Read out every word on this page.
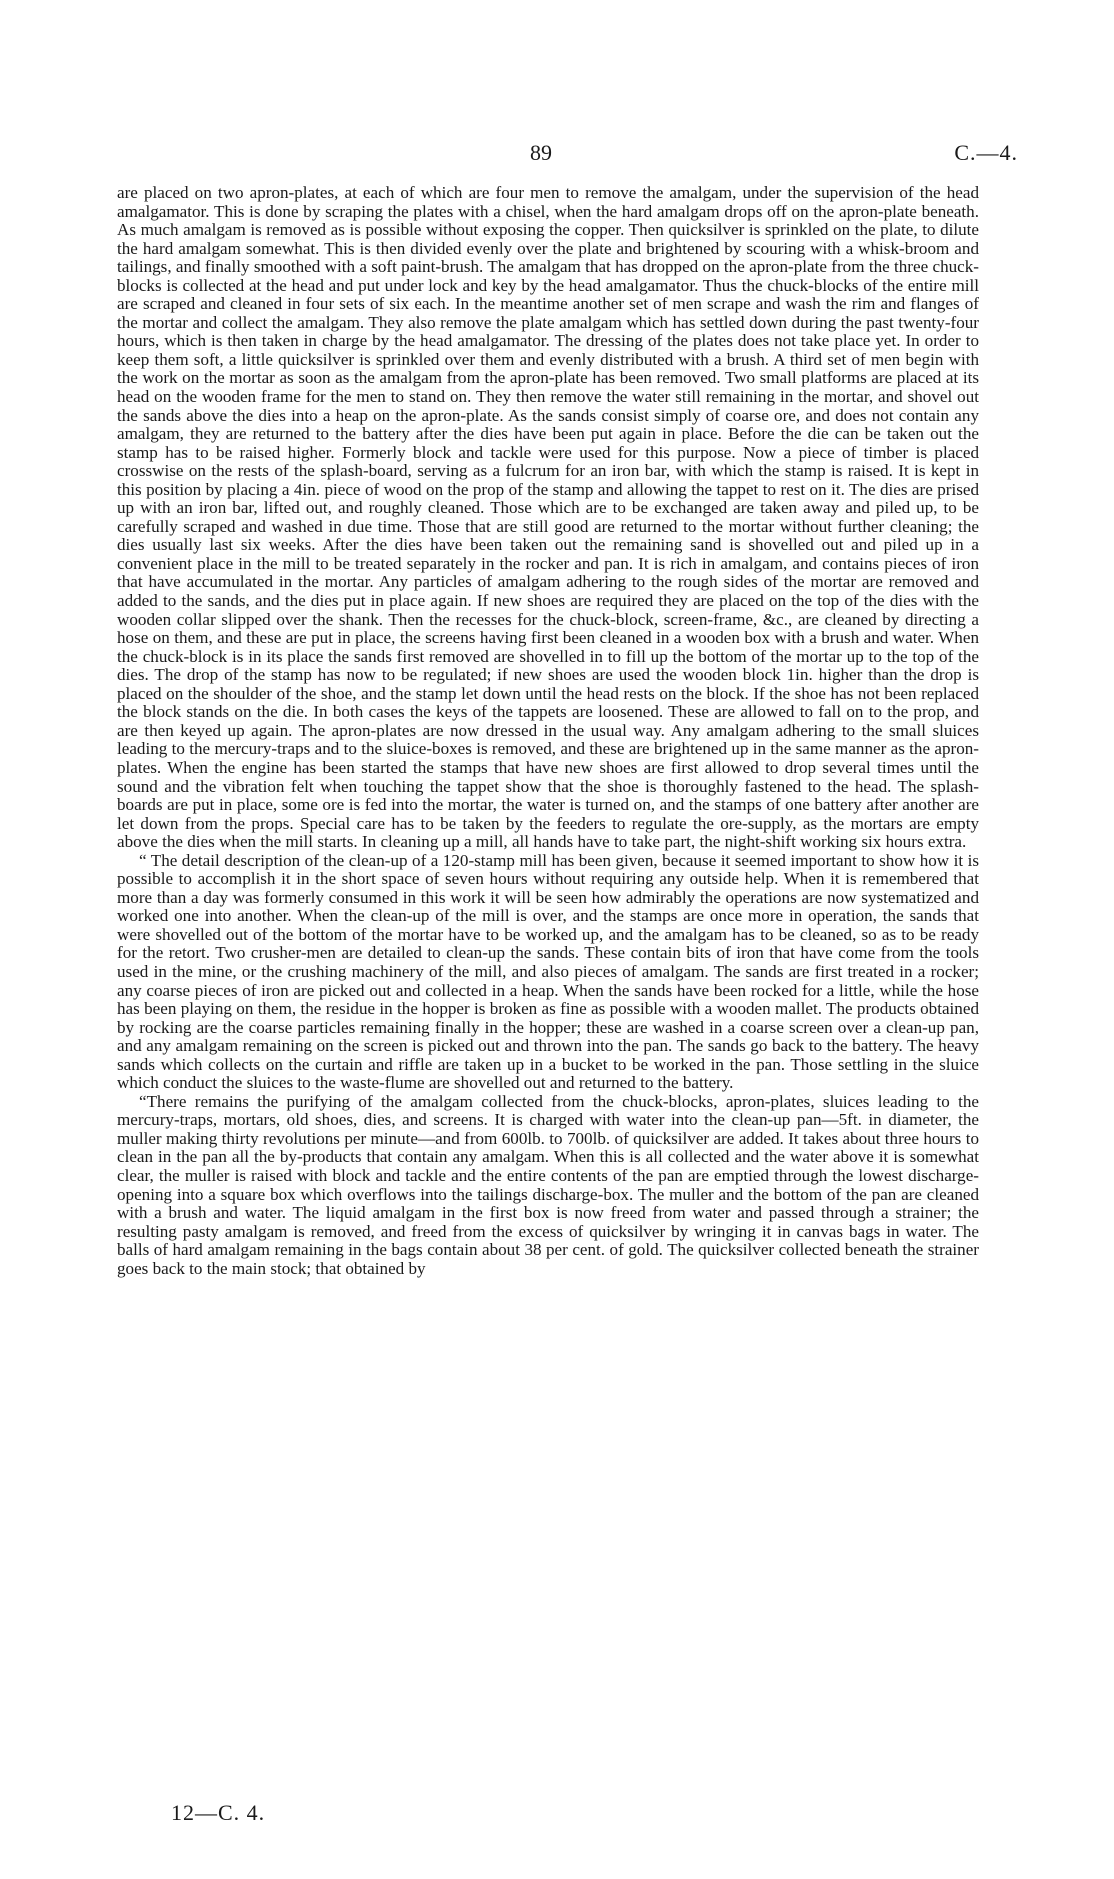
89	C.—4.

are placed on two apron-plates, at each of which are four men to remove the amalgam, under the supervision of the head amalgamator. This is done by scraping the plates with a chisel, when the hard amalgam drops off on the apron-plate beneath. As much amalgam is removed as is possible without exposing the copper. Then quicksilver is sprinkled on the plate, to dilute the hard amalgam somewhat. This is then divided evenly over the plate and brightened by scouring with a whisk-broom and tailings, and finally smoothed with a soft paint-brush. The amalgam that has dropped on the apron-plate from the three chuck-blocks is collected at the head and put under lock and key by the head amalgamator. Thus the chuck-blocks of the entire mill are scraped and cleaned in four sets of six each. In the meantime another set of men scrape and wash the rim and flanges of the mortar and collect the amalgam. They also remove the plate amalgam which has settled down during the past twenty-four hours, which is then taken in charge by the head amalgamator. The dressing of the plates does not take place yet. In order to keep them soft, a little quicksilver is sprinkled over them and evenly distributed with a brush. A third set of men begin with the work on the mortar as soon as the amalgam from the apron-plate has been removed. Two small platforms are placed at its head on the wooden frame for the men to stand on. They then remove the water still remaining in the mortar, and shovel out the sands above the dies into a heap on the apron-plate. As the sands consist simply of coarse ore, and does not contain any amalgam, they are returned to the battery after the dies have been put again in place. Before the die can be taken out the stamp has to be raised higher. Formerly block and tackle were used for this purpose. Now a piece of timber is placed crosswise on the rests of the splash-board, serving as a fulcrum for an iron bar, with which the stamp is raised. It is kept in this position by placing a 4in. piece of wood on the prop of the stamp and allowing the tappet to rest on it. The dies are prised up with an iron bar, lifted out, and roughly cleaned. Those which are to be exchanged are taken away and piled up, to be carefully scraped and washed in due time. Those that are still good are returned to the mortar without further cleaning; the dies usually last six weeks. After the dies have been taken out the remaining sand is shovelled out and piled up in a convenient place in the mill to be treated separately in the rocker and pan. It is rich in amalgam, and contains pieces of iron that have accumulated in the mortar. Any particles of amalgam adhering to the rough sides of the mortar are removed and added to the sands, and the dies put in place again. If new shoes are required they are placed on the top of the dies with the wooden collar slipped over the shank. Then the recesses for the chuck-block, screen-frame, &c., are cleaned by directing a hose on them, and these are put in place, the screens having first been cleaned in a wooden box with a brush and water. When the chuck-block is in its place the sands first removed are shovelled in to fill up the bottom of the mortar up to the top of the dies. The drop of the stamp has now to be regulated; if new shoes are used the wooden block 1in. higher than the drop is placed on the shoulder of the shoe, and the stamp let down until the head rests on the block. If the shoe has not been replaced the block stands on the die. In both cases the keys of the tappets are loosened. These are allowed to fall on to the prop, and are then keyed up again. The apron-plates are now dressed in the usual way. Any amalgam adhering to the small sluices leading to the mercury-traps and to the sluice-boxes is removed, and these are brightened up in the same manner as the apron-plates. When the engine has been started the stamps that have new shoes are first allowed to drop several times until the sound and the vibration felt when touching the tappet show that the shoe is thoroughly fastened to the head. The splash-boards are put in place, some ore is fed into the mortar, the water is turned on, and the stamps of one battery after another are let down from the props. Special care has to be taken by the feeders to regulate the ore-supply, as the mortars are empty above the dies when the mill starts. In cleaning up a mill, all hands have to take part, the night-shift working six hours extra.

“ The detail description of the clean-up of a 120-stamp mill has been given, because it seemed important to show how it is possible to accomplish it in the short space of seven hours without requiring any outside help. When it is remembered that more than a day was formerly consumed in this work it will be seen how admirably the operations are now systematized and worked one into another. When the clean-up of the mill is over, and the stamps are once more in operation, the sands that were shovelled out of the bottom of the mortar have to be worked up, and the amalgam has to be cleaned, so as to be ready for the retort. Two crusher-men are detailed to clean-up the sands. These contain bits of iron that have come from the tools used in the mine, or the crushing machinery of the mill, and also pieces of amalgam. The sands are first treated in a rocker; any coarse pieces of iron are picked out and collected in a heap. When the sands have been rocked for a little, while the hose has been playing on them, the residue in the hopper is broken as fine as possible with a wooden mallet. The products obtained by rocking are the coarse particles remaining finally in the hopper; these are washed in a coarse screen over a clean-up pan, and any amalgam remaining on the screen is picked out and thrown into the pan. The sands go back to the battery. The heavy sands which collects on the curtain and riffle are taken up in a bucket to be worked in the pan. Those settling in the sluice which conduct the sluices to the waste-flume are shovelled out and returned to the battery.

“There remains the purifying of the amalgam collected from the chuck-blocks, apron-plates, sluices leading to the mercury-traps, mortars, old shoes, dies, and screens. It is charged with water into the clean-up pan—5ft. in diameter, the muller making thirty revolutions per minute—and from 600lb. to 700lb. of quicksilver are added. It takes about three hours to clean in the pan all the by-products that contain any amalgam. When this is all collected and the water above it is somewhat clear, the muller is raised with block and tackle and the entire contents of the pan are emptied through the lowest discharge-opening into a square box which overflows into the tailings discharge-box. The muller and the bottom of the pan are cleaned with a brush and water. The liquid amalgam in the first box is now freed from water and passed through a strainer; the resulting pasty amalgam is removed, and freed from the excess of quicksilver by wringing it in canvas bags in water. The balls of hard amalgam remaining in the bags contain about 38 per cent. of gold. The quicksilver collected beneath the strainer goes back to the main stock; that obtained by

12—C. 4.
